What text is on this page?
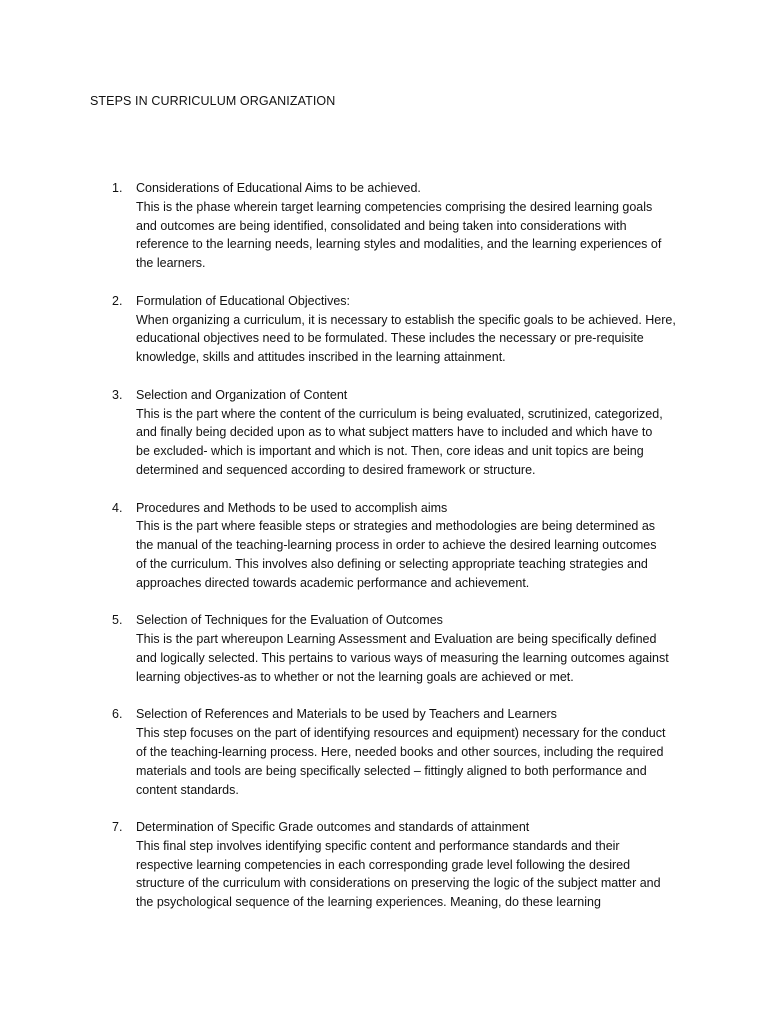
STEPS IN CURRICULUM ORGANIZATION
1. Considerations of Educational Aims to be achieved.
This is the phase wherein target learning competencies comprising the desired learning goals
and outcomes are being identified, consolidated and being taken into considerations with
reference to the learning needs, learning styles and modalities, and the learning experiences of
the learners.
2. Formulation of Educational Objectives:
When organizing a curriculum, it is necessary to establish the specific goals to be achieved. Here,
educational objectives need to be formulated. These includes the necessary or pre-requisite
knowledge, skills and attitudes inscribed in the learning attainment.
3. Selection and Organization of Content
This is the part where the content of the curriculum is being evaluated, scrutinized, categorized,
and finally being decided upon as to what subject matters have to included and which have to
be excluded- which is important and which is not. Then, core ideas and unit topics are being
determined and sequenced according to desired framework or structure.
4. Procedures and Methods to be used to accomplish aims
This is the part where feasible steps or strategies and methodologies are being determined as
the manual of the teaching-learning process in order to achieve the desired learning outcomes
of the curriculum. This involves also defining or selecting appropriate teaching strategies and
approaches directed towards academic performance and achievement.
5. Selection of Techniques for the Evaluation of Outcomes
This is the part whereupon Learning Assessment and Evaluation are being specifically defined
and logically selected. This pertains to various ways of measuring the learning outcomes against
learning objectives-as to whether or not the learning goals are achieved or met.
6. Selection of References and Materials to be used by Teachers and Learners
This step focuses on the part of identifying resources and equipment) necessary for the conduct
of the teaching-learning process. Here, needed books and other sources, including the required
materials and tools are being specifically selected – fittingly aligned to both performance and
content standards.
7. Determination of Specific Grade outcomes and standards of attainment
This final step involves identifying specific content and performance standards and their
respective learning competencies in each corresponding grade level following the desired
structure of the curriculum with considerations on preserving the logic of the subject matter and
the psychological sequence of the learning experiences. Meaning, do these learning
